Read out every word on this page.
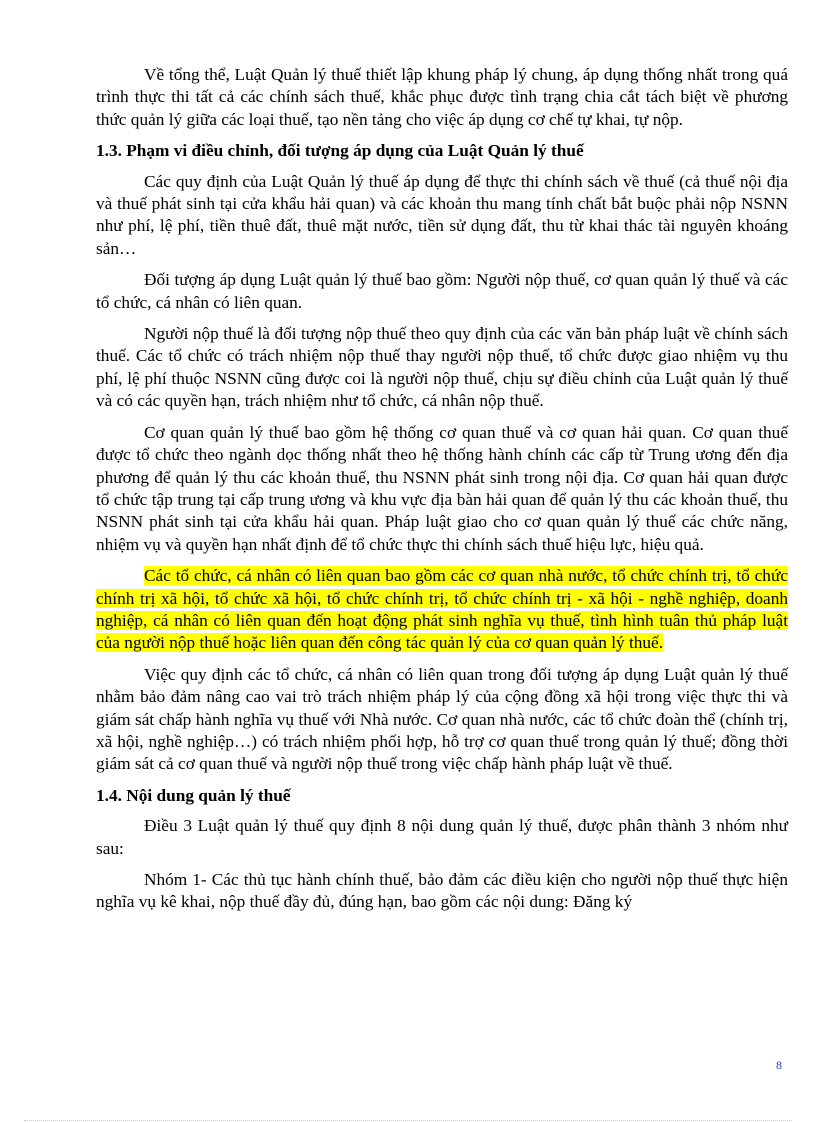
Về tổng thể, Luật Quản lý thuế thiết lập khung pháp lý chung, áp dụng thống nhất trong quá trình thực thi tất cả các chính sách thuế, khắc phục được tình trạng chia cắt tách biệt về phương thức quản lý giữa các loại thuế, tạo nền tảng cho việc áp dụng cơ chế tự khai, tự nộp.

1.3. Phạm vi điều chỉnh, đối tượng áp dụng của Luật Quản lý thuế

Các quy định của Luật Quản lý thuế áp dụng để thực thi chính sách về thuế (cả thuế nội địa và thuế phát sinh tại cửa khẩu hải quan) và các khoản thu mang tính chất bắt buộc phải nộp NSNN như phí, lệ phí, tiền thuê đất, thuê mặt nước, tiền sử dụng đất, thu từ khai thác tài nguyên khoáng sản…

Đối tượng áp dụng Luật quản lý thuế bao gồm: Người nộp thuế, cơ quan quản lý thuế và các tổ chức, cá nhân có liên quan.

Người nộp thuế là đối tượng nộp thuế theo quy định của các văn bản pháp luật về chính sách thuế. Các tổ chức có trách nhiệm nộp thuế thay người nộp thuế, tổ chức được giao nhiệm vụ thu phí, lệ phí thuộc NSNN cũng được coi là người nộp thuế, chịu sự điều chỉnh của Luật quản lý thuế và có các quyền hạn, trách nhiệm như tổ chức, cá nhân nộp thuế.

Cơ quan quản lý thuế bao gồm hệ thống cơ quan thuế và cơ quan hải quan. Cơ quan thuế được tổ chức theo ngành dọc thống nhất theo hệ thống hành chính các cấp từ Trung ương đến địa phương để quản lý thu các khoản thuế, thu NSNN phát sinh trong nội địa. Cơ quan hải quan được tổ chức tập trung tại cấp trung ương và khu vực địa bàn hải quan để quản lý thu các khoản thuế, thu NSNN phát sinh tại cửa khẩu hải quan. Pháp luật giao cho cơ quan quản lý thuế các chức năng, nhiệm vụ và quyền hạn nhất định để tổ chức thực thi chính sách thuế hiệu lực, hiệu quả.

Các tổ chức, cá nhân có liên quan bao gồm các cơ quan nhà nước, tổ chức chính trị, tổ chức chính trị xã hội, tổ chức xã hội, tổ chức chính trị, tổ chức chính trị - xã hội - nghề nghiệp, doanh nghiệp, cá nhân có liên quan đến hoạt động phát sinh nghĩa vụ thuế, tình hình tuân thủ pháp luật của người nộp thuế hoặc liên quan đến công tác quản lý của cơ quan quản lý thuế.

Việc quy định các tổ chức, cá nhân có liên quan trong đối tượng áp dụng Luật quản lý thuế nhằm bảo đảm nâng cao vai trò trách nhiệm pháp lý của cộng đồng xã hội trong việc thực thi và giám sát chấp hành nghĩa vụ thuế với Nhà nước. Cơ quan nhà nước, các tổ chức đoàn thể (chính trị, xã hội, nghề nghiệp…) có trách nhiệm phối hợp, hỗ trợ cơ quan thuế trong quản lý thuế; đồng thời giám sát cả cơ quan thuế và người nộp thuế trong việc chấp hành pháp luật về thuế.

1.4. Nội dung quản lý thuế

Điều 3 Luật quản lý thuế quy định 8 nội dung quản lý thuế, được phân thành 3 nhóm như sau:

Nhóm 1- Các thủ tục hành chính thuế, bảo đảm các điều kiện cho người nộp thuế thực hiện nghĩa vụ kê khai, nộp thuế đầy đủ, đúng hạn, bao gồm các nội dung: Đăng ký

8
